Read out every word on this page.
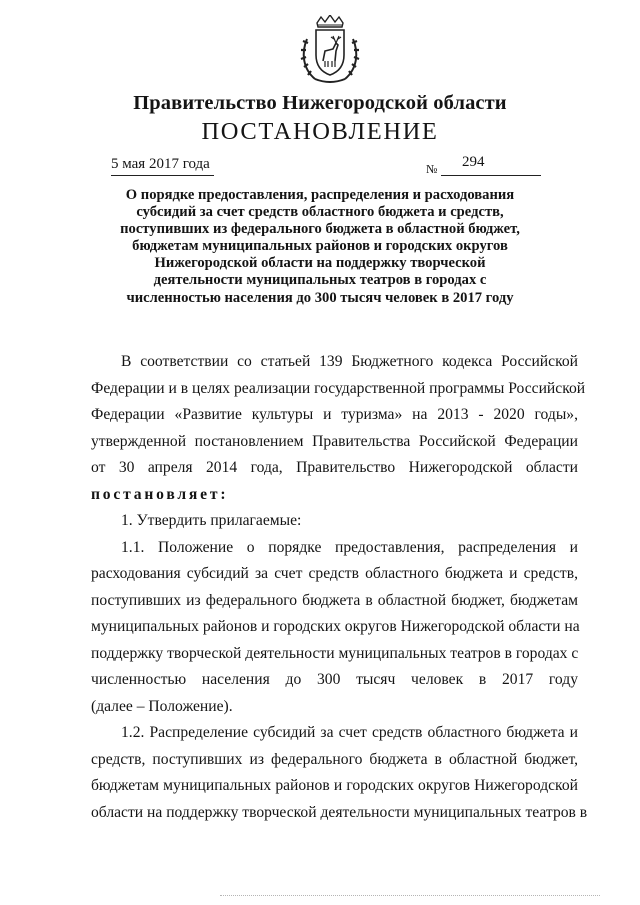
Правительство Нижегородской области
ПОСТАНОВЛЕНИЕ
5 мая 2017 года	№ 294
О порядке предоставления, распределения и расходования
субсидий за счет средств областного бюджета и средств,
поступивших из федерального бюджета в областной бюджет,
бюджетам муниципальных районов и городских округов
Нижегородской области на поддержку творческой
деятельности муниципальных театров в городах с
численностью населения до 300 тысяч человек в 2017 году
В соответствии со статьей 139 Бюджетного кодекса Российской
Федерации и в целях реализации государственной программы Российской
Федерации «Развитие культуры и туризма» на 2013 - 2020 годы»,
утвержденной постановлением Правительства Российской Федерации
от 30 апреля 2014 года, Правительство Нижегородской области
постановляет:
1. Утвердить прилагаемые:
1.1. Положение о порядке предоставления, распределения и
расходования субсидий за счет средств областного бюджета и средств,
поступивших из федерального бюджета в областной бюджет, бюджетам
муниципальных районов и городских округов Нижегородской области на
поддержку творческой деятельности муниципальных театров в городах с
численностью населения до 300 тысяч человек в 2017 году
(далее – Положение).
1.2. Распределение субсидий за счет средств областного бюджета и
средств, поступивших из федерального бюджета в областной бюджет,
бюджетам муниципальных районов и городских округов Нижегородской
области на поддержку творческой деятельности муниципальных театров в
